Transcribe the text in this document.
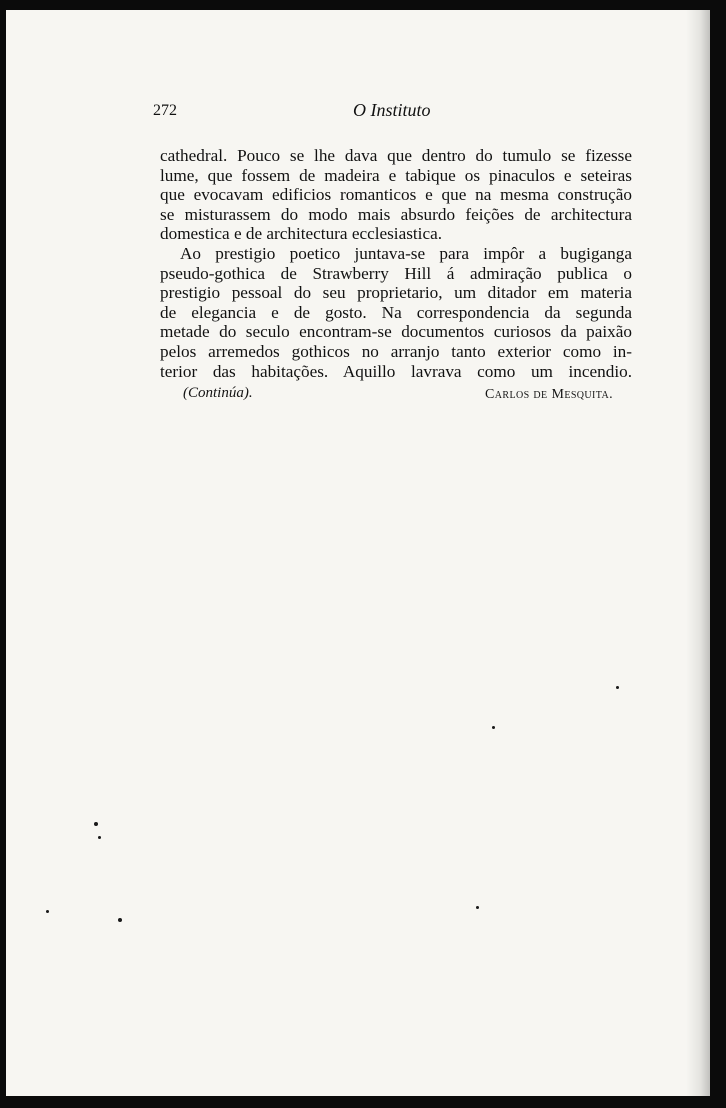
272	O Instituto
cathedral. Pouco se lhe dava que dentro do tumulo se fizesse
lume, que fossem de madeira e tabique os pinaculos e seteiras
que evocavam edificios romanticos e que na mesma construção
se misturassem do modo mais absurdo feições de architectura
domestica e de architectura ecclesiastica.
Ao prestigio poetico juntava-se para impôr a bugiganga
pseudo-gothica de Strawberry Hill á admiração publica o
prestigio pessoal do seu proprietario, um ditador em materia
de elegancia e de gosto. Na correspondencia da segunda
metade do seculo encontram-se documentos curiosos da paixão
pelos arremedos gothicos no arranjo tanto exterior como in-
terior das habitações. Aquillo lavrava como um incendio.
(Continúa).	Carlos de Mesquita.
